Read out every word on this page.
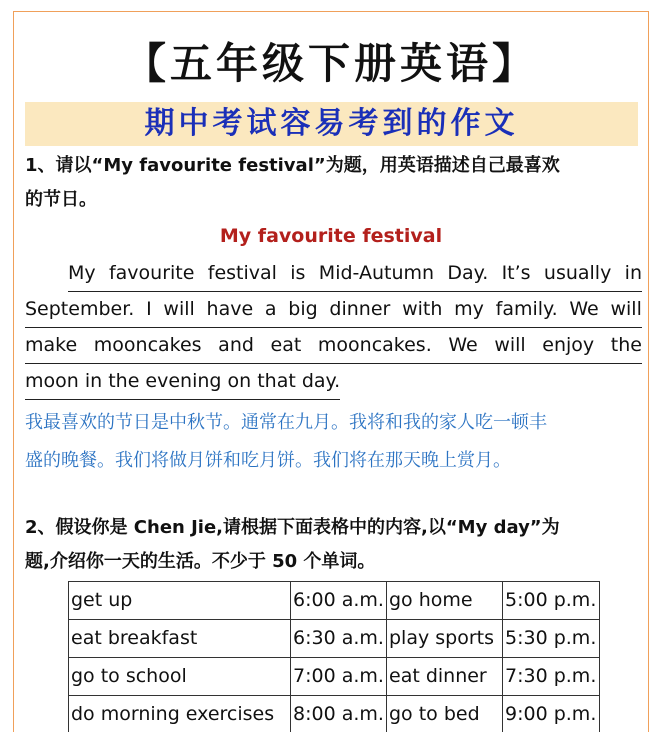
【五年级下册英语】
期中考试容易考到的作文
1、请以“My favourite festival”为题，用英语描述自己最喜欢
的节日。
My favourite festival
My favourite festival is Mid-Autumn Day. It’s usually in
September. I will have a big dinner with my family. We will
make mooncakes and eat mooncakes. We will enjoy the
moon in the evening on that day.
我最喜欢的节日是中秋节。通常在九月。我将和我的家人吃一顿丰
盛的晚餐。我们将做月饼和吃月饼。我们将在那天晚上赏月。
2、假设你是 Chen Jie,请根据下面表格中的内容,以“My day”为
题,介绍你一天的生活。不少于 50 个单词。
get up	6:00 a.m.	go home	5:00 p.m.
eat breakfast	6:30 a.m.	play sports	5:30 p.m.
go to school	7:00 a.m.	eat dinner	7:30 p.m.
do morning exercises	8:00 a.m.	go to bed	9:00 p.m.
